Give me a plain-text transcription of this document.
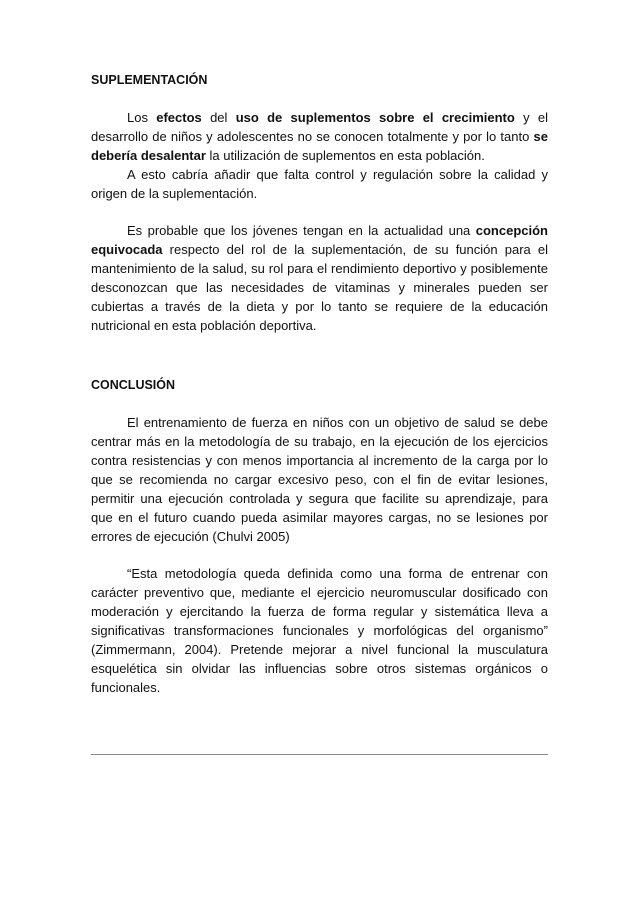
SUPLEMENTACIÓN

Los efectos del uso de suplementos sobre el crecimiento y el desarrollo de niños y adolescentes no se conocen totalmente y por lo tanto se debería desalentar la utilización de suplementos en esta población.

A esto cabría añadir que falta control y regulación sobre la calidad y origen de la suplementación.

Es probable que los jóvenes tengan en la actualidad una concepción equivocada respecto del rol de la suplementación, de su función para el mantenimiento de la salud, su rol para el rendimiento deportivo y posiblemente desconozcan que las necesidades de vitaminas y minerales pueden ser cubiertas a través de la dieta y por lo tanto se requiere de la educación nutricional en esta población deportiva.

CONCLUSIÓN

El entrenamiento de fuerza en niños con un objetivo de salud se debe centrar más en la metodología de su trabajo, en la ejecución de los ejercicios contra resistencias y con menos importancia al incremento de la carga por lo que se recomienda no cargar excesivo peso, con el fin de evitar lesiones, permitir una ejecución controlada y segura que facilite su aprendizaje, para que en el futuro cuando pueda asimilar mayores cargas, no se lesiones por errores de ejecución (Chulvi 2005)

“Esta metodología queda definida como una forma de entrenar con carácter preventivo que, mediante el ejercicio neuromuscular dosificado con moderación y ejercitando la fuerza de forma regular y sistemática lleva a significativas transformaciones funcionales y morfológicas del organismo” (Zimmermann, 2004). Pretende mejorar a nivel funcional la musculatura esquelética sin olvidar las influencias sobre otros sistemas orgánicos o funcionales.
